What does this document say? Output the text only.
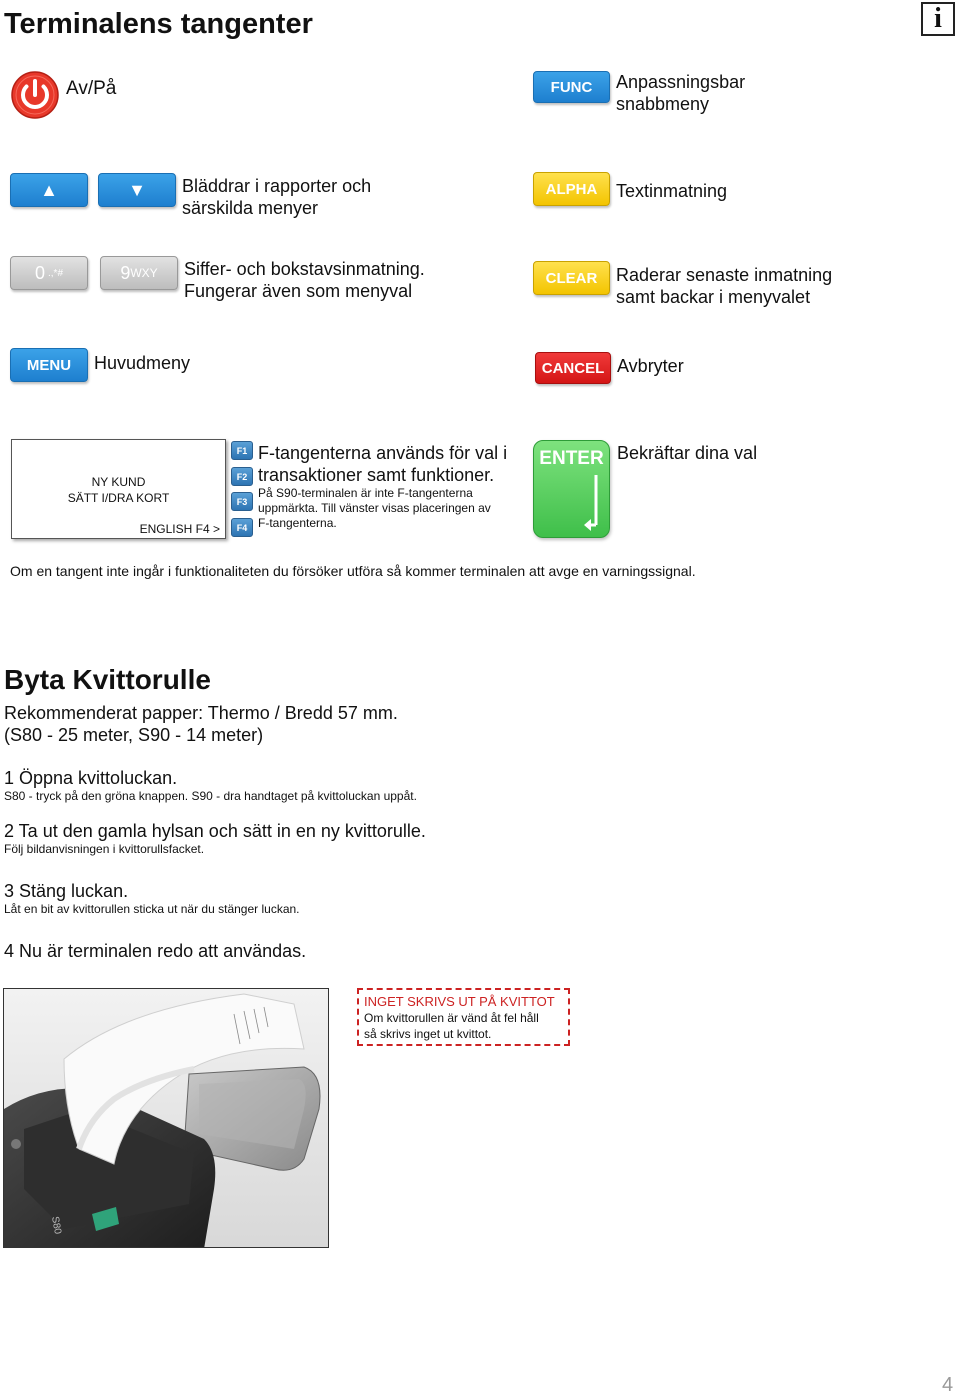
Terminalens tangenter	i
Av/På	FUNC	Anpassningsbar
snabbmeny
▲	▼	Bläddrar i rapporter och
särskilda menyer
ALPHA	Textinmatning
0 .,*#	9 WXY Siffer- och bokstavsinmatning.
Fungerar även som menyval
CLEAR	Raderar senaste inmatning
samt backar i menyvalet
MENU	Huvudmeny	CANCEL Avbryter
NY KUND
SÄTT I/DRA KORT
ENGLISH F4 >
F1
F2
F3
F4
F-tangenterna används för val i
transaktioner samt funktioner.
På S90-terminalen är inte F-tangenterna
uppmärkta. Till vänster visas placeringen av
F-tangenterna.
ENTER Bekräftar dina val
Om en tangent inte ingår i funktionaliteten du försöker utföra så kommer terminalen att avge en varningssignal.
Byta Kvittorulle
Rekommenderat papper: Thermo / Bredd 57 mm.
(S80 - 25 meter, S90 - 14 meter)
1 Öppna kvittoluckan.
S80 - tryck på den gröna knappen. S90 - dra handtaget på kvittoluckan uppåt.
2 Ta ut den gamla hylsan och sätt in en ny kvittorulle.
Följ bildanvisningen i kvittorullsfacket.
3 Stäng luckan.
Låt en bit av kvittorullen sticka ut när du stänger luckan.
4 Nu är terminalen redo att användas.
S80
INGET SKRIVS UT PÅ KVITTOT
Om kvittorullen är vänd åt fel håll
så skrivs inget ut kvittot.
4
